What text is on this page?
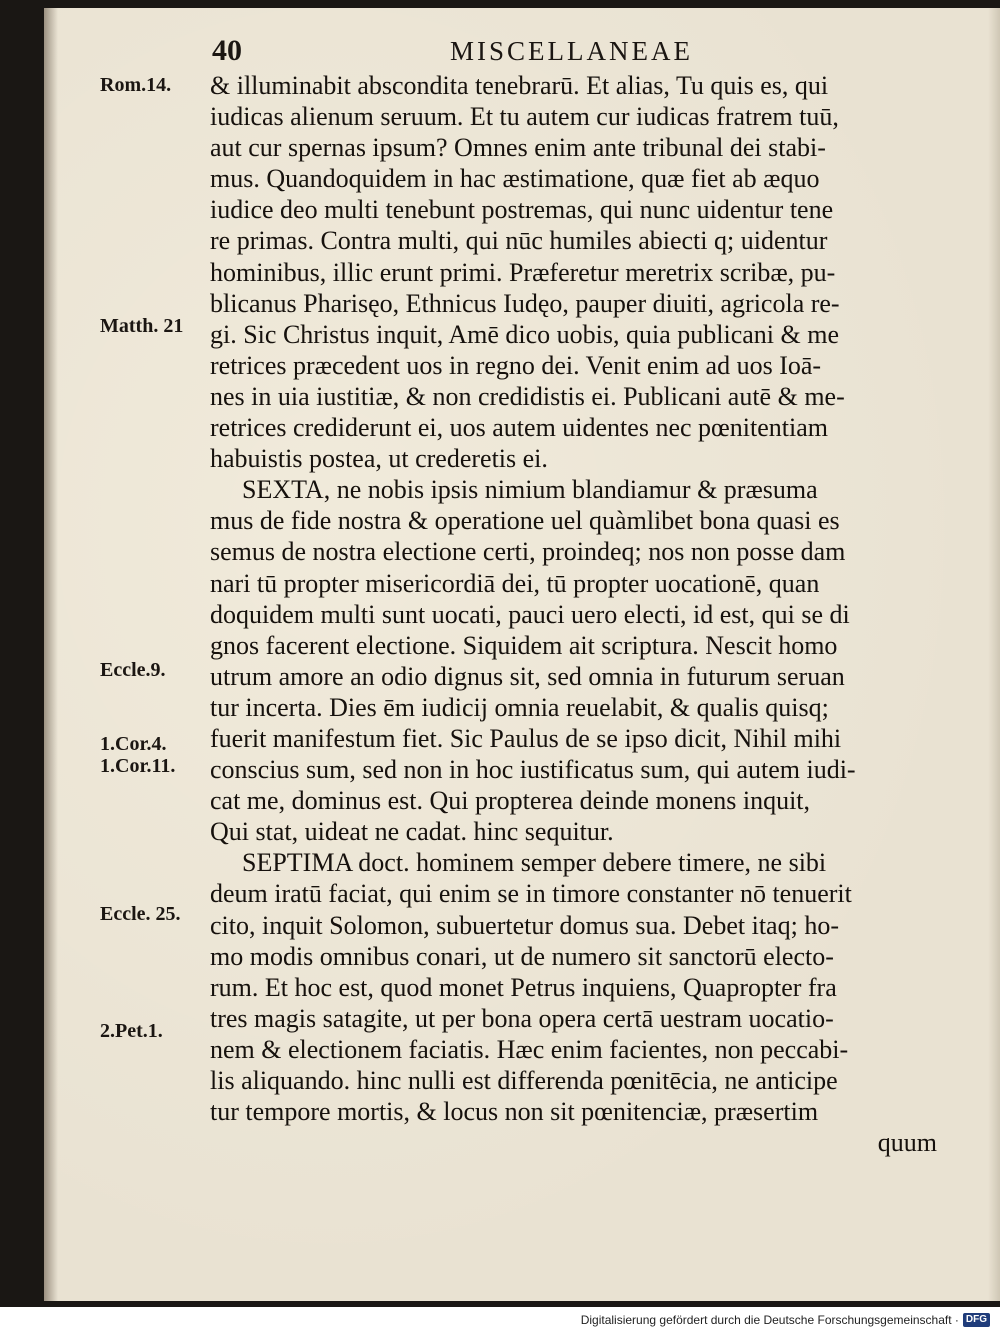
40	MISCELLANEAE
Rom.14.
Matth. 21
Eccle.9.
1.Cor.4.
1.Cor.11.
Eccle. 25.
2.Pet.1.
& illuminabit abscondita tenebrarū. Et alias, Tu quis es, qui
iudicas alienum seruum. Et tu autem cur iudicas fratrem tuū,
aut cur spernas ipsum? Omnes enim ante tribunal dei stabi-
mus. Quandoquidem in hac æstimatione, quæ fiet ab æquo
iudice deo multi tenebunt postremas, qui nunc uidentur tene
re primas. Contra multi, qui nūc humiles abiecti q; uidentur
hominibus, illic erunt primi. Præferetur meretrix scribæ, pu-
blicanus Pharisęo, Ethnicus Iudęo, pauper diuiti, agricola re-
gi. Sic Christus inquit, Amē dico uobis, quia publicani & me
retrices præcedent uos in regno dei. Venit enim ad uos Ioā-
nes in uia iustitiæ, & non credidistis ei. Publicani autē & me-
retrices crediderunt ei, uos autem uidentes nec pœnitentiam
habuistis postea, ut crederetis ei.
SEXTA, ne nobis ipsis nimium blandiamur & præsuma
mus de fide nostra & operatione uel quàmlibet bona quasi es
semus de nostra electione certi, proindeq; nos non posse dam
nari tū propter misericordiā dei, tū propter uocationē, quan
doquidem multi sunt uocati, pauci uero electi, id est, qui se di
gnos facerent electione. Siquidem ait scriptura. Nescit homo
utrum amore an odio dignus sit, sed omnia in futurum seruan
tur incerta. Dies ēm iudicij omnia reuelabit, & qualis quisq;
fuerit manifestum fiet. Sic Paulus de se ipso dicit, Nihil mihi
conscius sum, sed non in hoc iustificatus sum, qui autem iudi-
cat me, dominus est. Qui propterea deinde monens inquit,
Qui stat, uideat ne cadat. hinc sequitur.
SEPTIMA doct. hominem semper debere timere, ne sibi
deum iratū faciat, qui enim se in timore constanter nō tenuerit
cito, inquit Solomon, subuertetur domus sua. Debet itaq; ho-
mo modis omnibus conari, ut de numero sit sanctorū electo-
rum. Et hoc est, quod monet Petrus inquiens, Quapropter fra
tres magis satagite, ut per bona opera certā uestram uocatio-
nem & electionem faciatis. Hæc enim facientes, non peccabi-
lis aliquando. hinc nulli est differenda pœnitēcia, ne anticipe
tur tempore mortis, & locus non sit pœnitenciæ, præsertim
quum
Digitalisierung gefördert durch die Deutsche Forschungsgemeinschaft · DFG
